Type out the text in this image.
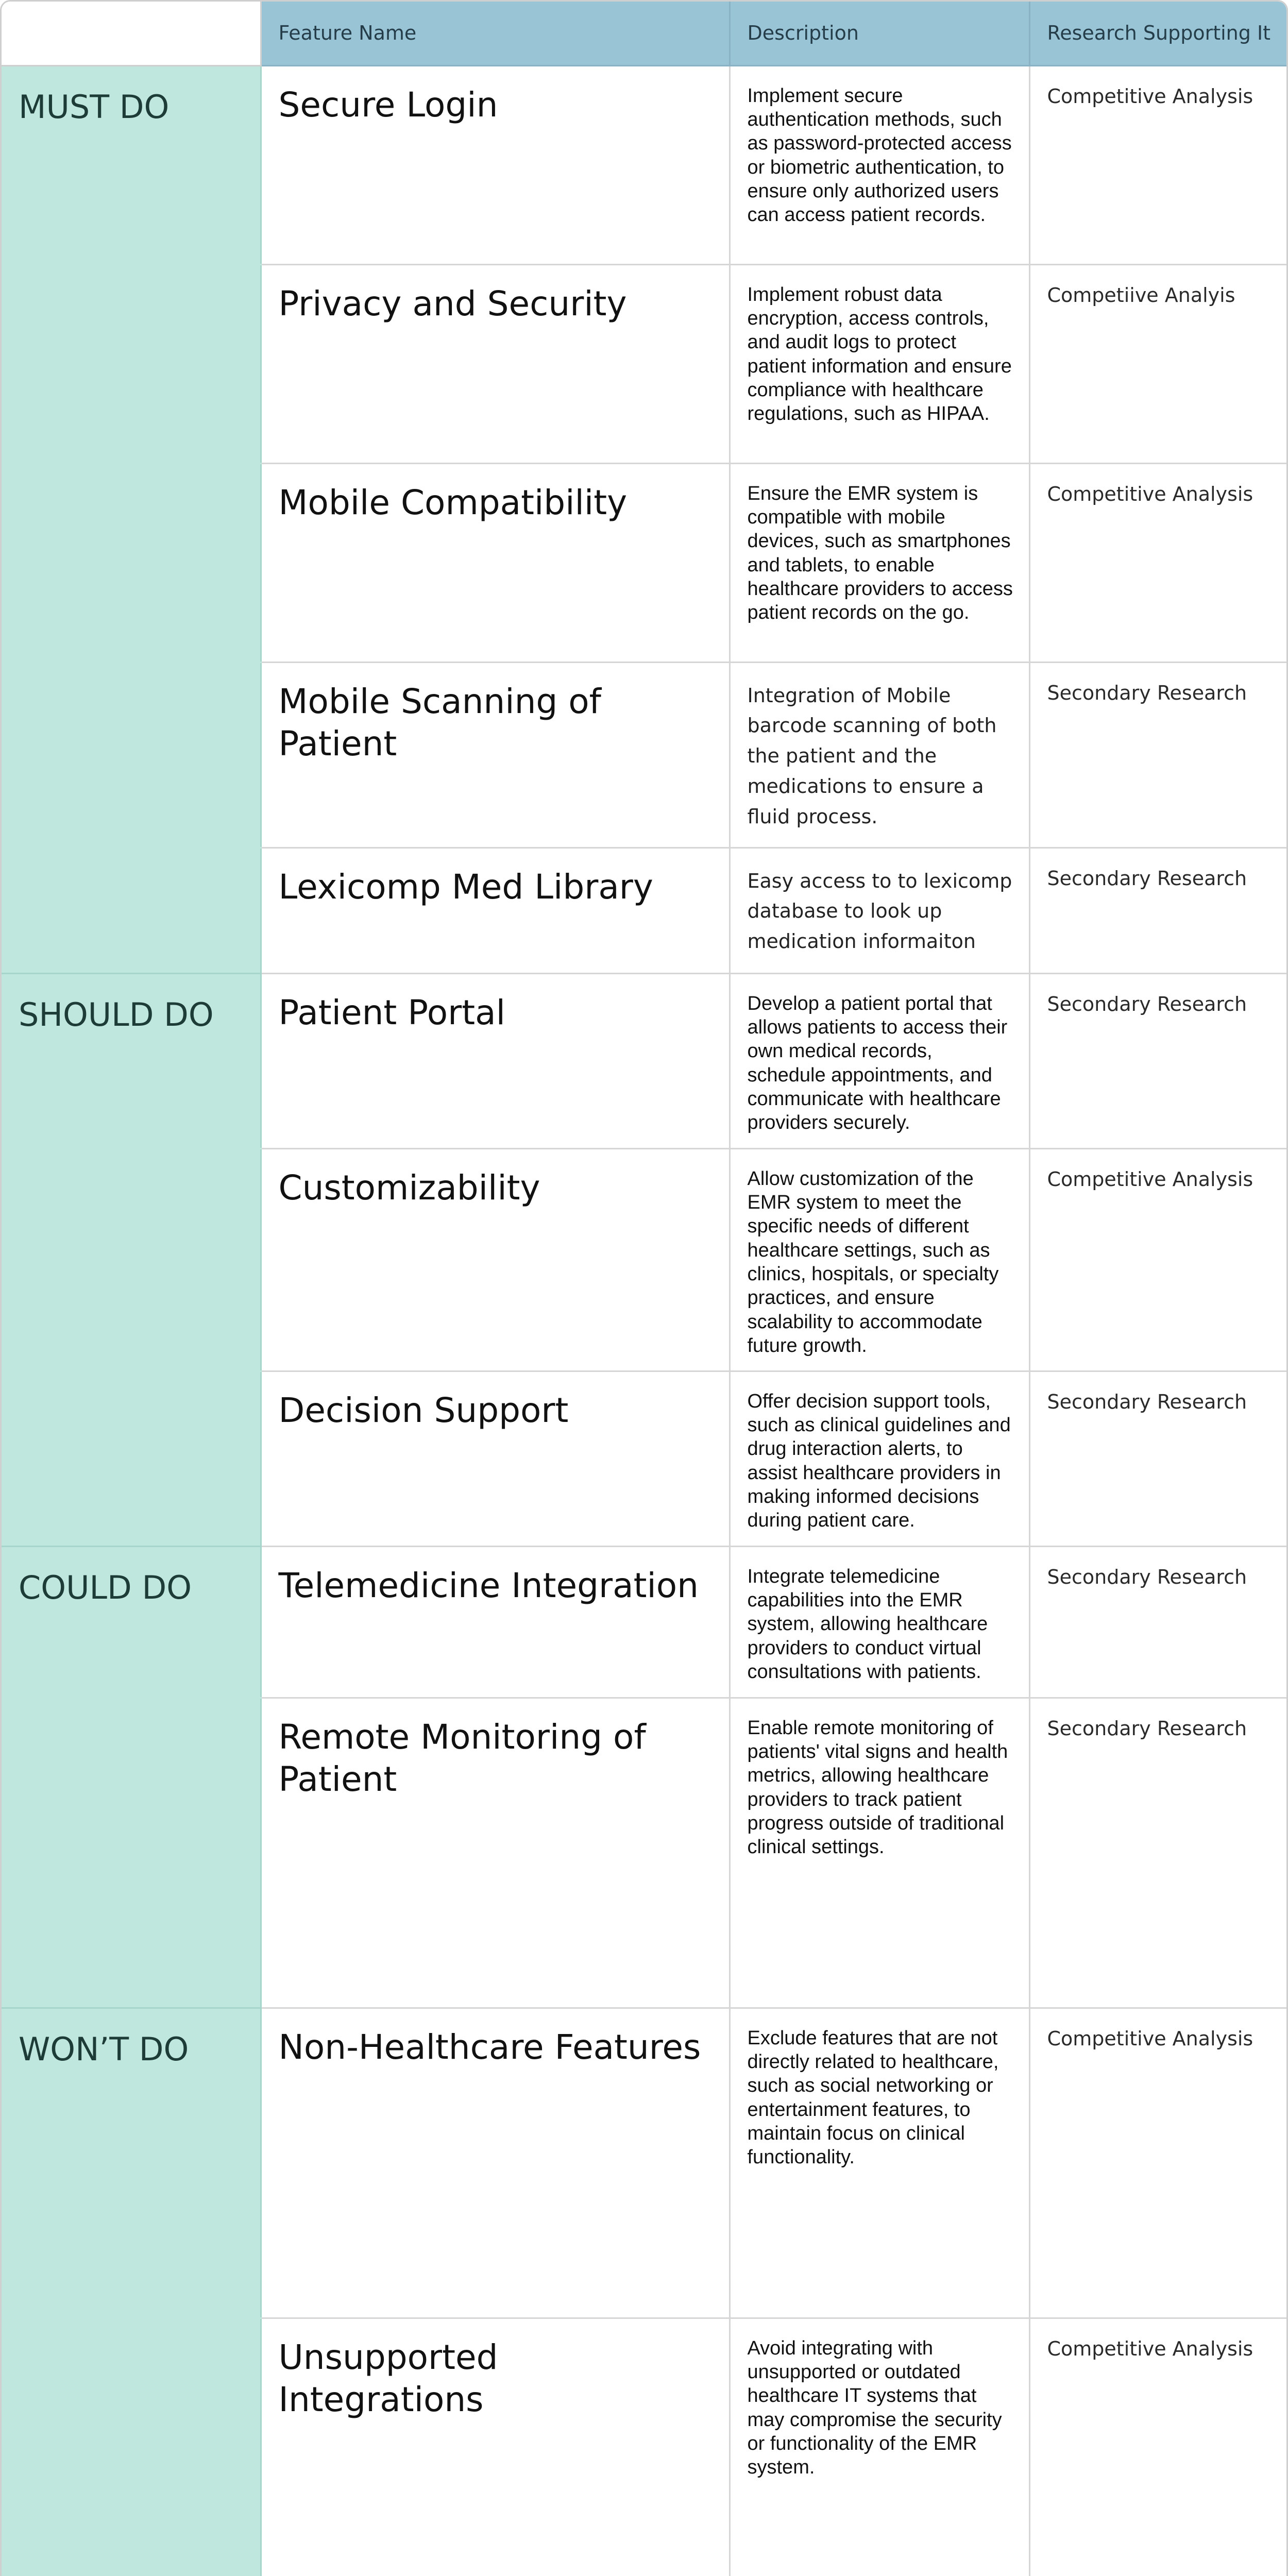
	Feature Name	Description	Research Supporting It
MUST DO	Secure Login	Implement secure authentication methods, such as password-protected access or biometric authentication, to ensure only authorized users can access patient records.	Competitive Analysis
	Privacy and Security	Implement robust data encryption, access controls, and audit logs to protect patient information and ensure compliance with healthcare regulations, such as HIPAA.	Competiive Analyis
	Mobile Compatibility	Ensure the EMR system is compatible with mobile devices, such as smartphones and tablets, to enable healthcare providers to access patient records on the go.	Competitive Analysis
	Mobile Scanning of Patient	Integration of Mobile barcode scanning of both the patient and the medications to ensure a fluid process.	Secondary Research
	Lexicomp Med Library	Easy access to to lexicomp database to look up medication informaiton	Secondary Research
SHOULD DO	Patient Portal	Develop a patient portal that allows patients to access their own medical records, schedule appointments, and communicate with healthcare providers securely.	Secondary Research
	Customizability	Allow customization of the EMR system to meet the specific needs of different healthcare settings, such as clinics, hospitals, or specialty practices, and ensure scalability to accommodate future growth.	Competitive Analysis
	Decision Support	Offer decision support tools, such as clinical guidelines and drug interaction alerts, to assist healthcare providers in making informed decisions during patient care.	Secondary Research
COULD DO	Telemedicine Integration	Integrate telemedicine capabilities into the EMR system, allowing healthcare providers to conduct virtual consultations with patients.	Secondary Research
	Remote Monitoring of Patient	Enable remote monitoring of patients' vital signs and health metrics, allowing healthcare providers to track patient progress outside of traditional clinical settings.	Secondary Research
WON’T DO	Non-Healthcare Features	Exclude features that are not directly related to healthcare, such as social networking or entertainment features, to maintain focus on clinical functionality.	Competitive Analysis
	Unsupported Integrations	Avoid integrating with unsupported or outdated healthcare IT systems that may compromise the security or functionality of the EMR system.	Competitive Analysis
